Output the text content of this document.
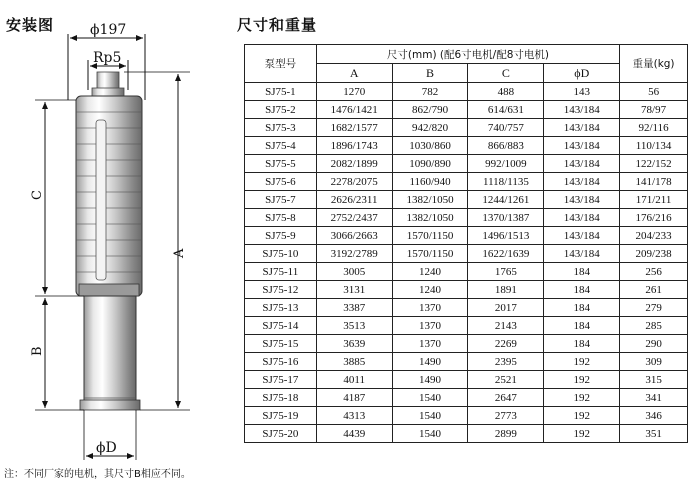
安装图	ϕ197
Rp5
C
B
A
ϕD
尺寸和重量
泵型号	尺寸(mm) (配6寸电机/配8寸电机)				重量(kg)
	A	B	C	ϕD	
SJ75-1	1270	782	488	143	56
SJ75-2	1476/1421	862/790	614/631	143/184	78/97
SJ75-3	1682/1577	942/820	740/757	143/184	92/116
SJ75-4	1896/1743	1030/860	866/883	143/184	110/134
SJ75-5	2082/1899	1090/890	992/1009	143/184	122/152
SJ75-6	2278/2075	1160/940	1118/1135	143/184	141/178
SJ75-7	2626/2311	1382/1050	1244/1261	143/184	171/211
SJ75-8	2752/2437	1382/1050	1370/1387	143/184	176/216
SJ75-9	3066/2663	1570/1150	1496/1513	143/184	204/233
SJ75-10	3192/2789	1570/1150	1622/1639	143/184	209/238
SJ75-11	3005	1240	1765	184	256
SJ75-12	3131	1240	1891	184	261
SJ75-13	3387	1370	2017	184	279
SJ75-14	3513	1370	2143	184	285
SJ75-15	3639	1370	2269	184	290
SJ75-16	3885	1490	2395	192	309
SJ75-17	4011	1490	2521	192	315
SJ75-18	4187	1540	2647	192	341
SJ75-19	4313	1540	2773	192	346
SJ75-20	4439	1540	2899	192	351
注：不同厂家的电机，其尺寸B相应不同。
